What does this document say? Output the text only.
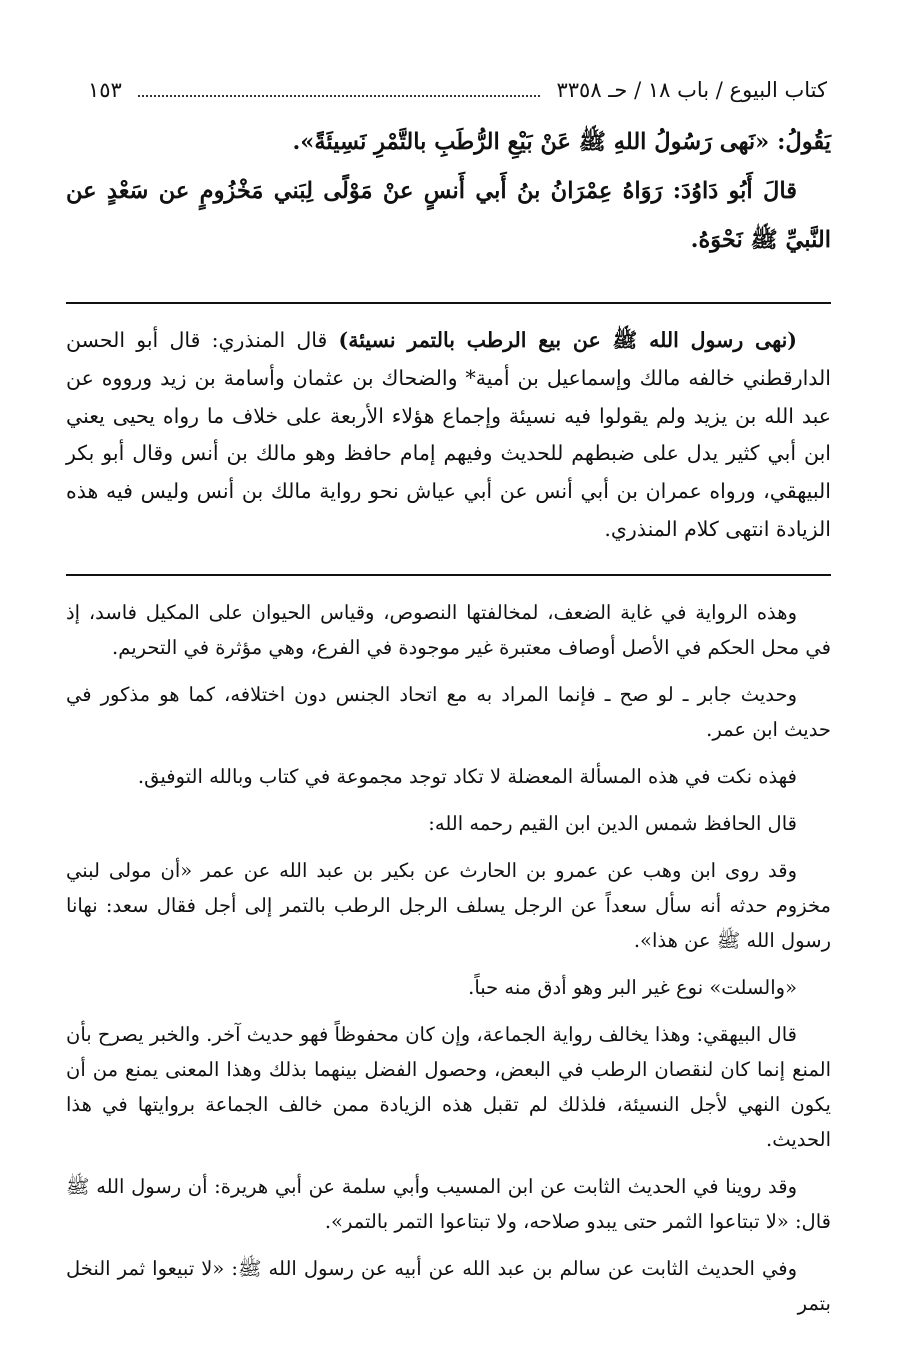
كتاب البيوع / باب ١٨ / حـ ٣٣٥٨
١٥٣

يَقُولُ: «نَهى رَسُولُ اللهِ ﷺ عَنْ بَيْعِ الرُّطَبِ بالتَّمْرِ نَسِيئَةً».

قالَ أَبُو دَاوُدَ: رَوَاهُ عِمْرَانُ بنُ أَبي أَنسٍ عنْ مَوْلًى لِبَني مَخْزُومٍ عن سَعْدٍ عن النَّبيِّ ﷺ نَحْوَهُ.

(نهى رسول الله ﷺ عن بيع الرطب بالتمر نسيئة) قال المنذري: قال أبو الحسن الدارقطني خالفه مالك وإسماعيل بن أمية* والضحاك بن عثمان وأسامة بن زيد ورووه عن عبد الله بن يزيد ولم يقولوا فيه نسيئة وإجماع هؤلاء الأربعة على خلاف ما رواه يحيى يعني ابن أبي كثير يدل على ضبطهم للحديث وفيهم إمام حافظ وهو مالك بن أنس وقال أبو بكر البيهقي، ورواه عمران بن أبي أنس عن أبي عياش نحو رواية مالك بن أنس وليس فيه هذه الزيادة انتهى كلام المنذري.

وهذه الرواية في غاية الضعف، لمخالفتها النصوص، وقياس الحيوان على المكيل فاسد، إذ في محل الحكم في الأصل أوصاف معتبرة غير موجودة في الفرع، وهي مؤثرة في التحريم.

وحديث جابر ـ لو صح ـ فإنما المراد به مع اتحاد الجنس دون اختلافه، كما هو مذكور في حديث ابن عمر.

فهذه نكت في هذه المسألة المعضلة لا تكاد توجد مجموعة في كتاب وبالله التوفيق.

قال الحافظ شمس الدين ابن القيم رحمه الله:

وقد روى ابن وهب عن عمرو بن الحارث عن بكير بن عبد الله عن عمر «أن مولى لبني مخزوم حدثه أنه سأل سعداً عن الرجل يسلف الرجل الرطب بالتمر إلى أجل فقال سعد: نهانا رسول الله ﷺ عن هذا».

«والسلت» نوع غير البر وهو أدق منه حباً.

قال البيهقي: وهذا يخالف رواية الجماعة، وإن كان محفوظاً فهو حديث آخر. والخبر يصرح بأن المنع إنما كان لنقصان الرطب في البعض، وحصول الفضل بينهما بذلك وهذا المعنى يمنع من أن يكون النهي لأجل النسيئة، فلذلك لم تقبل هذه الزيادة ممن خالف الجماعة بروايتها في هذا الحديث.

وقد روينا في الحديث الثابت عن ابن المسيب وأبي سلمة عن أبي هريرة: أن رسول الله ﷺ قال: «لا تبتاعوا الثمر حتى يبدو صلاحه، ولا تبتاعوا التمر بالتمر».

وفي الحديث الثابت عن سالم بن عبد الله عن أبيه عن رسول الله ﷺ: «لا تبيعوا ثمر النخل بتمر
